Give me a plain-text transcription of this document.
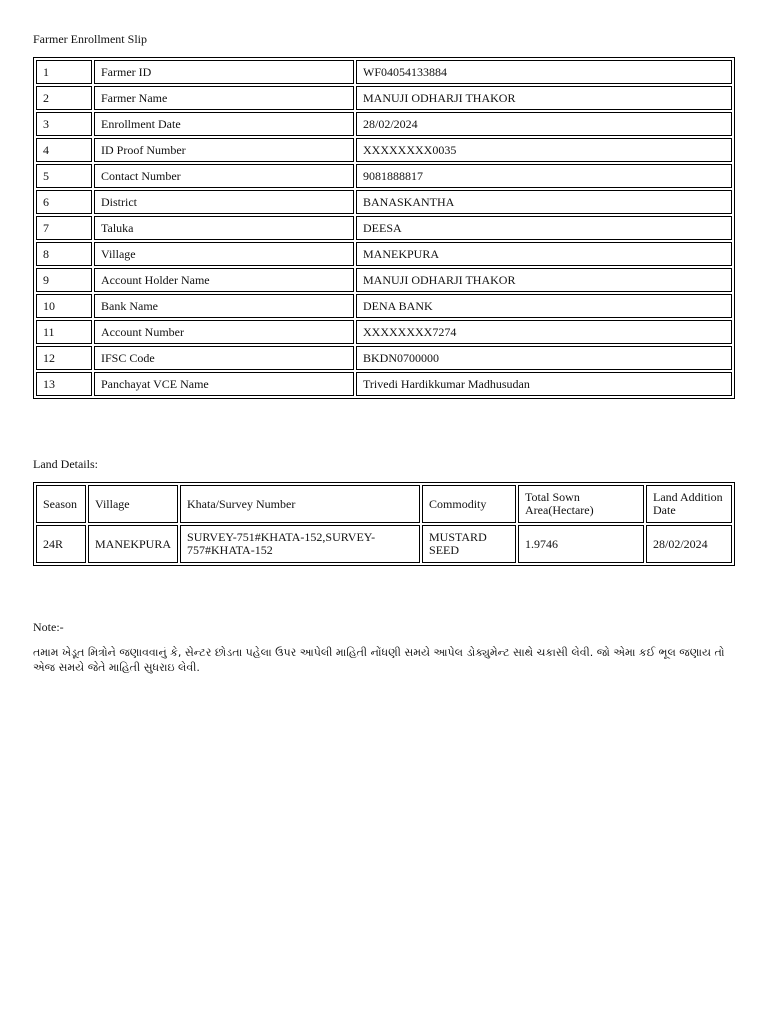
Farmer Enrollment Slip
1	Farmer ID	WF04054133884
2	Farmer Name	MANUJI ODHARJI THAKOR
3	Enrollment Date	28/02/2024
4	ID Proof Number	XXXXXXXX0035
5	Contact Number	9081888817
6	District	BANASKANTHA
7	Taluka	DEESA
8	Village	MANEKPURA
9	Account Holder Name	MANUJI ODHARJI THAKOR
10	Bank Name	DENA BANK
11	Account Number	XXXXXXXX7274
12	IFSC Code	BKDN0700000
13	Panchayat VCE Name	Trivedi Hardikkumar Madhusudan
Land Details:
Season	Village	Khata/Survey Number	Commodity	Total Sown Area(Hectare)	Land Addition Date
24R	MANEKPURA	SURVEY-751#KHATA-152,SURVEY-757#KHATA-152	MUSTARD SEED	1.9746	28/02/2024
Note:-
તમામ ખેડૂત મિત્રોને જણાવવાનું કે, સેન્ટર છોડતા પહેલા ઉપર આપેલી માહિતી નોંધણી સમયે આપેલ ડોક્યુમેન્ટ સાથે ચકાસી લેવી. જો એમા કઈ ભૂલ જણાય તો એજ સમયે જેતે માહિતી સુધરાઇ લેવી.
